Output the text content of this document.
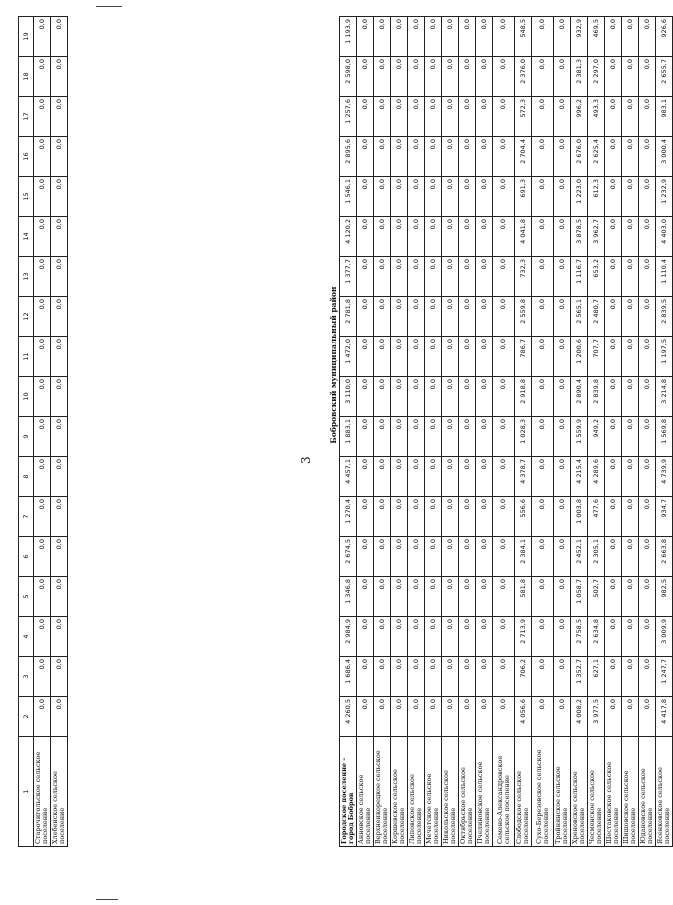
1	2	3	4	5	6	7	8	9	10	11	12	13	14	15	16	17	18	19
Старочигольское сельское поселение	0,0	0,0	0,0	0,0	0,0	0,0	0,0	0,0	0,0	0,0	0,0	0,0	0,0	0,0	0,0	0,0	0,0	0,0
Хлебенское сельское поселение	0,0	0,0	0,0	0,0	0,0	0,0	0,0	0,0	0,0	0,0	0,0	0,0	0,0	0,0	0,0	0,0	0,0	0,0
3
Бобровский муниципальный район
Городское поселение – город Бобров	4 260,5	1 686,4	2 984,9	1 346,8	2 674,5	1 270,4	4 457,1	1 883,1	3 110,0	1 472,0	2 781,8	1 377,7	4 120,2	1 546,1	2 895,6	1 257,6	2 598,0	1 193,9
Анновское сельское поселение	0,0	0,0	0,0	0,0	0,0	0,0	0,0	0,0	0,0	0,0	0,0	0,0	0,0	0,0	0,0	0,0	0,0	0,0
Верхнеикорецкое сельское поселение	0,0	0,0	0,0	0,0	0,0	0,0	0,0	0,0	0,0	0,0	0,0	0,0	0,0	0,0	0,0	0,0	0,0	0,0
Коршевское сельское поселение	0,0	0,0	0,0	0,0	0,0	0,0	0,0	0,0	0,0	0,0	0,0	0,0	0,0	0,0	0,0	0,0	0,0	0,0
Липовское сельское поселение	0,0	0,0	0,0	0,0	0,0	0,0	0,0	0,0	0,0	0,0	0,0	0,0	0,0	0,0	0,0	0,0	0,0	0,0
Мечетское сельское поселение	0,0	0,0	0,0	0,0	0,0	0,0	0,0	0,0	0,0	0,0	0,0	0,0	0,0	0,0	0,0	0,0	0,0	0,0
Никольское сельское поселение	0,0	0,0	0,0	0,0	0,0	0,0	0,0	0,0	0,0	0,0	0,0	0,0	0,0	0,0	0,0	0,0	0,0	0,0
Октябрьское сельское поселение	0,0	0,0	0,0	0,0	0,0	0,0	0,0	0,0	0,0	0,0	0,0	0,0	0,0	0,0	0,0	0,0	0,0	0,0
Пчелиновское сельское поселение	0,0	0,0	0,0	0,0	0,0	0,0	0,0	0,0	0,0	0,0	0,0	0,0	0,0	0,0	0,0	0,0	0,0	0,0
Семено-Александровское сельское поселение	0,0	0,0	0,0	0,0	0,0	0,0	0,0	0,0	0,0	0,0	0,0	0,0	0,0	0,0	0,0	0,0	0,0	0,0
Слободское сельское поселение	4 056,6	706,2	2 713,9	581,8	2 384,1	556,6	4 378,7	1 028,3	2 918,8	786,7	2 559,8	732,3	4 041,8	691,3	2 704,4	572,3	2 376,0	548,5
Сухо-Березовское сельское поселение	0,0	0,0	0,0	0,0	0,0	0,0	0,0	0,0	0,0	0,0	0,0	0,0	0,0	0,0	0,0	0,0	0,0	0,0
Тройнянское сельское поселение	0,0	0,0	0,0	0,0	0,0	0,0	0,0	0,0	0,0	0,0	0,0	0,0	0,0	0,0	0,0	0,0	0,0	0,0
Хреновское сельское поселение	4 008,2	1 352,7	2 758,5	1 058,7	2 452,1	1 003,8	4 215,4	1 559,9	2 890,4	1 200,6	2 565,1	1 116,7	3 878,5	1 223,0	2 676,0	996,2	2 381,3	932,9
Чесменское сельское поселение	3 977,5	627,1	2 634,8	502,7	2 305,1	477,6	4 289,6	949,2	2 839,8	707,7	2 480,7	653,2	3 962,7	612,3	2 625,4	493,3	2 297,0	469,5
Шестаковское сельское поселение	0,0	0,0	0,0	0,0	0,0	0,0	0,0	0,0	0,0	0,0	0,0	0,0	0,0	0,0	0,0	0,0	0,0	0,0
Шишовское сельское поселение	0,0	0,0	0,0	0,0	0,0	0,0	0,0	0,0	0,0	0,0	0,0	0,0	0,0	0,0	0,0	0,0	0,0	0,0
Юдановское сельское поселение	0,0	0,0	0,0	0,0	0,0	0,0	0,0	0,0	0,0	0,0	0,0	0,0	0,0	0,0	0,0	0,0	0,0	0,0
Ясенковское сельское поселение	4 417,8	1 247,7	3 009,9	982,5	2 663,8	934,7	4 739,9	1 569,8	3 214,8	1 197,5	2 839,5	1 110,4	4 403,0	1 232,9	3 000,4	983,1	2 655,7	926,6
